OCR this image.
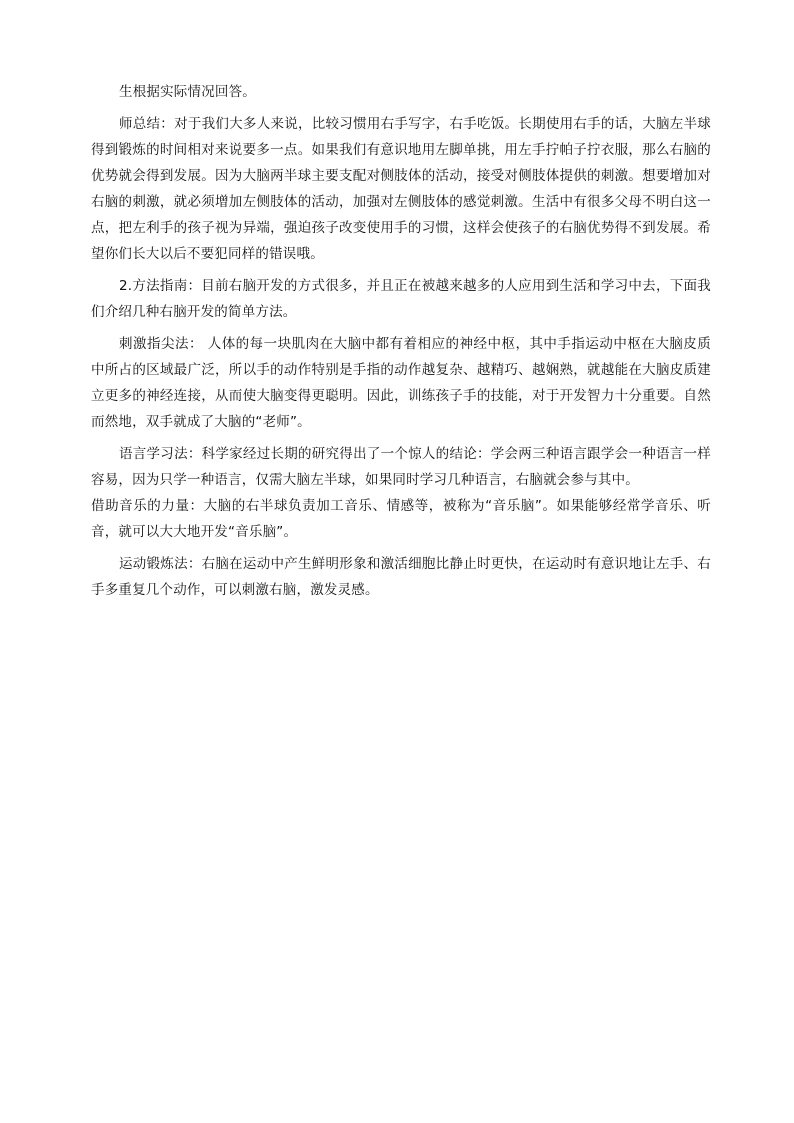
生根据实际情况回答。

师总结：对于我们大多人来说，比较习惯用右手写字，右手吃饭。长期使用右手的话，大脑左半球得到锻炼的时间相对来说要多一点。如果我们有意识地用左脚单挑，用左手拧帕子拧衣服，那么右脑的优势就会得到发展。因为大脑两半球主要支配对侧肢体的活动，接受对侧肢体提供的刺激。想要增加对右脑的刺激，就必须增加左侧肢体的活动，加强对左侧肢体的感觉刺激。生活中有很多父母不明白这一点，把左利手的孩子视为异端，强迫孩子改变使用手的习惯，这样会使孩子的右脑优势得不到发展。希望你们长大以后不要犯同样的错误哦。

2.方法指南：目前右脑开发的方式很多，并且正在被越来越多的人应用到生活和学习中去，下面我们介绍几种右脑开发的简单方法。

刺激指尖法： 人体的每一块肌肉在大脑中都有着相应的神经中枢，其中手指运动中枢在大脑皮质中所占的区域最广泛，所以手的动作特别是手指的动作越复杂、越精巧、越娴熟，就越能在大脑皮质建立更多的神经连接，从而使大脑变得更聪明。因此，训练孩子手的技能，对于开发智力十分重要。自然而然地，双手就成了大脑的“老师”。

语言学习法：科学家经过长期的研究得出了一个惊人的结论：学会两三种语言跟学会一种语言一样容易，因为只学一种语言，仅需大脑左半球，如果同时学习几种语言，右脑就会参与其中。

借助音乐的力量：大脑的右半球负责加工音乐、情感等，被称为“音乐脑”。如果能够经常学音乐、听音，就可以大大地开发“音乐脑”。

运动锻炼法：右脑在运动中产生鲜明形象和激活细胞比静止时更快，在运动时有意识地让左手、右手多重复几个动作，可以刺激右脑，激发灵感。
